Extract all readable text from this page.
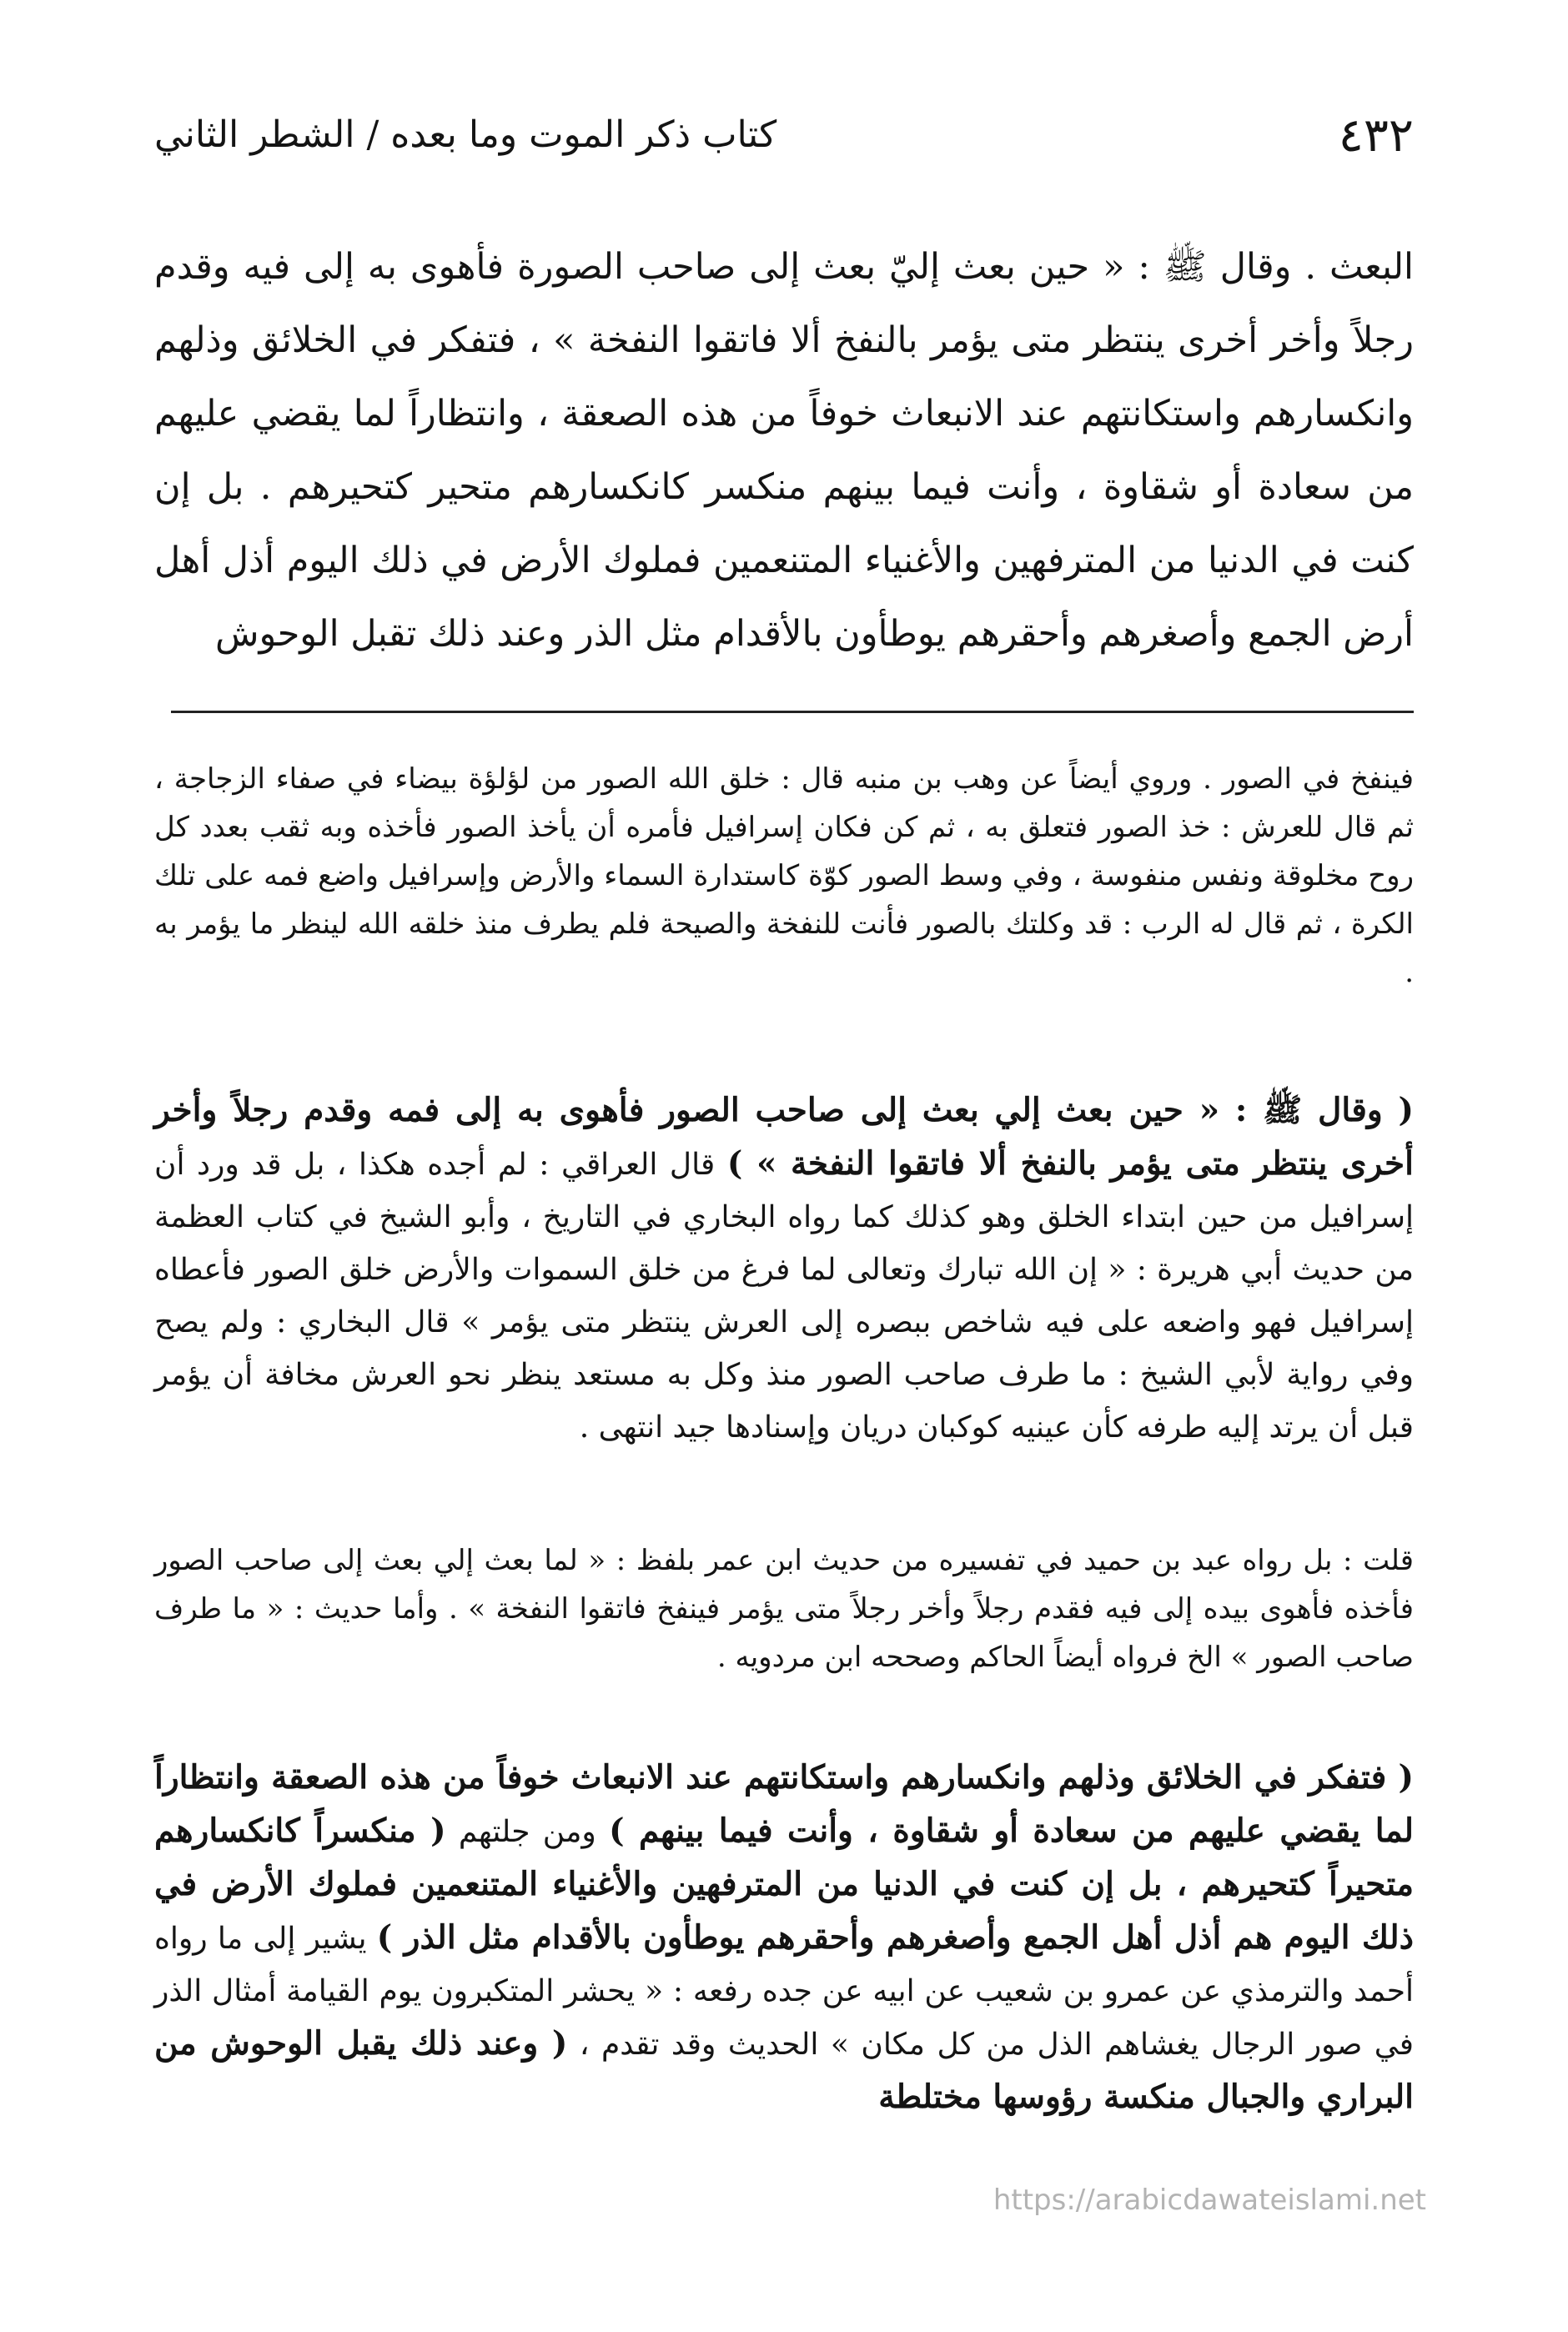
٤٣٢
كتاب ذكر الموت وما بعده / الشطر الثاني
البعث . وقال ﷺ : « حين بعث إليّ بعث إلى صاحب الصورة فأهوى به إلى فيه وقدم رجلاً وأخر أخرى ينتظر متى يؤمر بالنفخ ألا فاتقوا النفخة » ، فتفكر في الخلائق وذلهم وانكسارهم واستكانتهم عند الانبعاث خوفاً من هذه الصعقة ، وانتظاراً لما يقضي عليهم من سعادة أو شقاوة ، وأنت فيما بينهم منكسر كانكسارهم متحير كتحيرهم . بل إن كنت في الدنيا من المترفهين والأغنياء المتنعمين فملوك الأرض في ذلك اليوم أذل أهل أرض الجمع وأصغرهم وأحقرهم يوطأون بالأقدام مثل الذر وعند ذلك تقبل الوحوش

فينفخ في الصور . وروي أيضاً عن وهب بن منبه قال : خلق الله الصور من لؤلؤة بيضاء في صفاء الزجاجة ، ثم قال للعرش : خذ الصور فتعلق به ، ثم كن فكان إسرافيل فأمره أن يأخذ الصور فأخذه وبه ثقب بعدد كل روح مخلوقة ونفس منفوسة ، وفي وسط الصور كوّة كاستدارة السماء والأرض وإسرافيل واضع فمه على تلك الكرة ، ثم قال له الرب : قد وكلتك بالصور فأنت للنفخة والصيحة فلم يطرف منذ خلقه الله لينظر ما يؤمر به .

( وقال ﷺ : « حين بعث إلي بعث إلى صاحب الصور فأهوى به إلى فمه وقدم رجلاً وأخر أخرى ينتظر متى يؤمر بالنفخ ألا فاتقوا النفخة » ) قال العراقي : لم أجده هكذا ، بل قد ورد أن إسرافيل من حين ابتداء الخلق وهو كذلك كما رواه البخاري في التاريخ ، وأبو الشيخ في كتاب العظمة من حديث أبي هريرة : « إن الله تبارك وتعالى لما فرغ من خلق السموات والأرض خلق الصور فأعطاه إسرافيل فهو واضعه على فيه شاخص ببصره إلى العرش ينتظر متى يؤمر » قال البخاري : ولم يصح وفي رواية لأبي الشيخ : ما طرف صاحب الصور منذ وكل به مستعد ينظر نحو العرش مخافة أن يؤمر قبل أن يرتد إليه طرفه كأن عينيه كوكبان دريان وإسنادها جيد انتهى .

قلت : بل رواه عبد بن حميد في تفسيره من حديث ابن عمر بلفظ : « لما بعث إلي بعث إلى صاحب الصور فأخذه فأهوى بيده إلى فيه فقدم رجلاً وأخر رجلاً متى يؤمر فينفخ فاتقوا النفخة » . وأما حديث : « ما طرف صاحب الصور » الخ فرواه أيضاً الحاكم وصححه ابن مردويه .

( فتفكر في الخلائق وذلهم وانكسارهم واستكانتهم عند الانبعاث خوفاً من هذه الصعقة وانتظاراً لما يقضي عليهم من سعادة أو شقاوة ، وأنت فيما بينهم ) ومن جلتهم ( منكسراً كانكسارهم متحيراً كتحيرهم ، بل إن كنت في الدنيا من المترفهين والأغنياء المتنعمين فملوك الأرض في ذلك اليوم هم أذل أهل الجمع وأصغرهم وأحقرهم يوطأون بالأقدام مثل الذر ) يشير إلى ما رواه أحمد والترمذي عن عمرو بن شعيب عن ابيه عن جده رفعه : « يحشر المتكبرون يوم القيامة أمثال الذر في صور الرجال يغشاهم الذل من كل مكان » الحديث وقد تقدم ، ( وعند ذلك يقبل الوحوش من البراري والجبال منكسة رؤوسها مختلطة

https://arabicdawateislami.net
